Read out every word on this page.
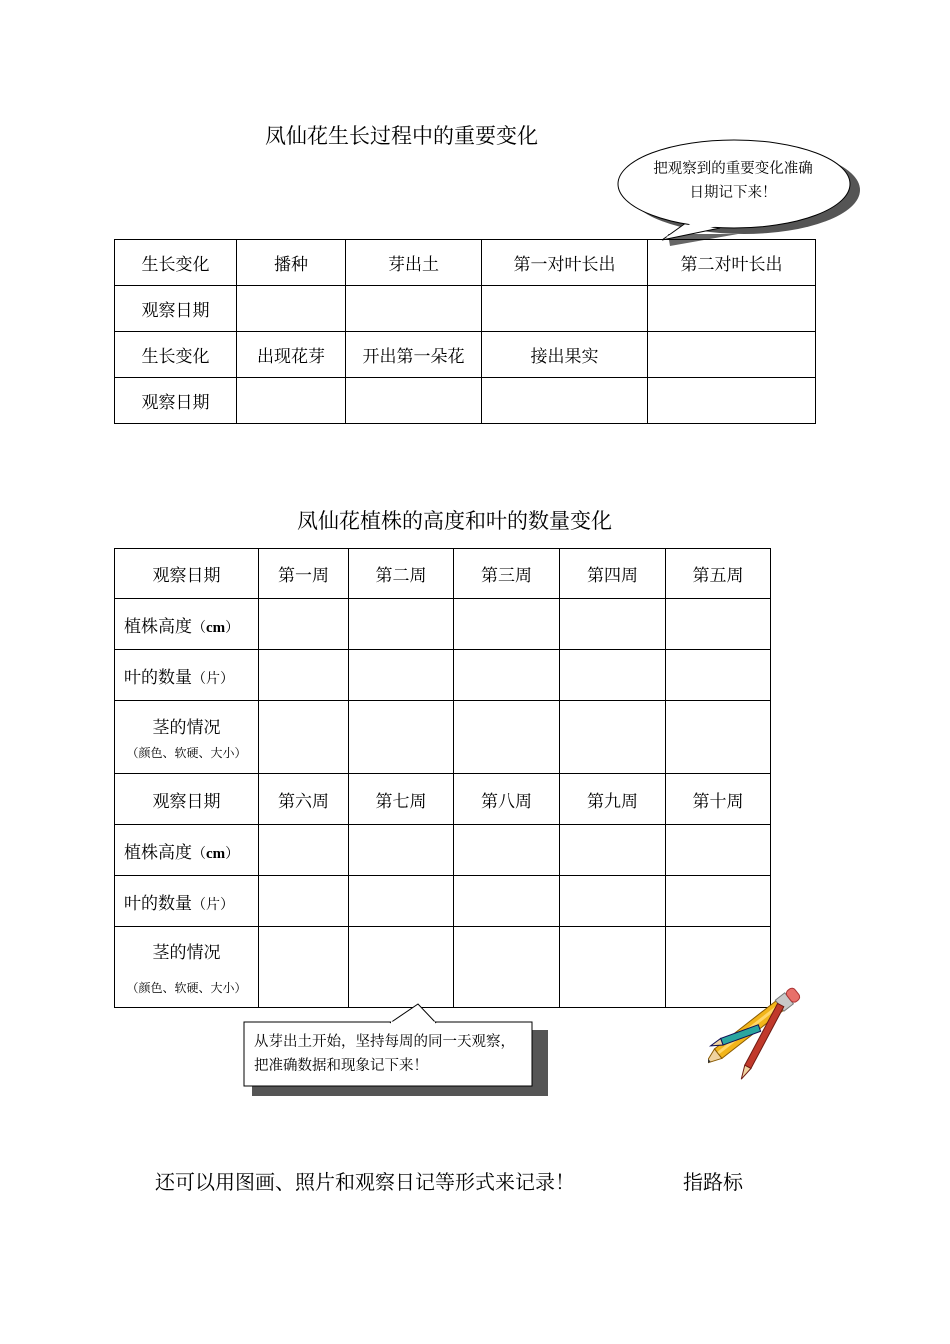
凤仙花生长过程中的重要变化
把观察到的重要变化准确日期记下来！
生长变化	播种	芽出土	第一对叶长出	第二对叶长出
观察日期				
生长变化	出现花芽	开出第一朵花	接出果实	
观察日期				
凤仙花植株的高度和叶的数量变化
观察日期	第一周	第二周	第三周	第四周	第五周
植株高度（cm）					
叶的数量（片）					
茎的情况
（颜色、软硬、大小）					

观察日期	第六周	第七周	第八周	第九周	第十周
植株高度（cm）					
叶的数量（片）					
茎的情况
（颜色、软硬、大小）					

从芽出土开始，坚持每周的同一天观察，把准确数据和现象记下来！
还可以用图画、照片和观察日记等形式来记录！	指路标
